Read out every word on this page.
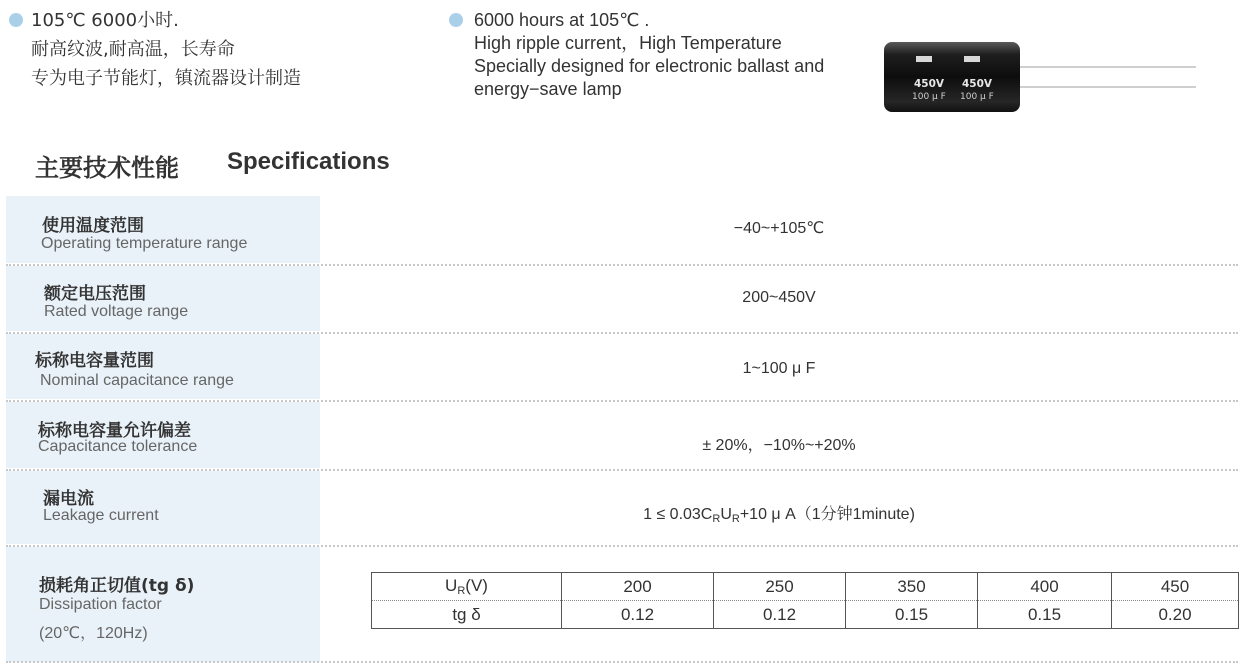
105℃ 6000小时.
耐高纹波,耐高温，长寿命
专为电子节能灯，镇流器设计制造
6000 hours at 105℃ .
High ripple current，High Temperature
Specially designed for electronic ballast and
energy−save lamp	450V 450V
100 μ F 100 μ F
主要技术性能 Specifications
使用温度范围
Operating temperature range
−40~+105℃
额定电压范围
Rated voltage range
200~450V
标称电容量范围
Nominal capacitance range
1~100 μ F
标称电容量允许偏差
Capacitance tolerance	± 20%，−10%~+20%
漏电流
Leakage current	$1 \le 0.03C_RU_R+10$ μ A（1分钟1minute)
损耗角正切值(tg δ)
Dissipation factor
(20℃，120Hz)
$U_R(V)$	200	250	350	400	450
tg δ	0.12	0.12	0.15	0.15	0.20
